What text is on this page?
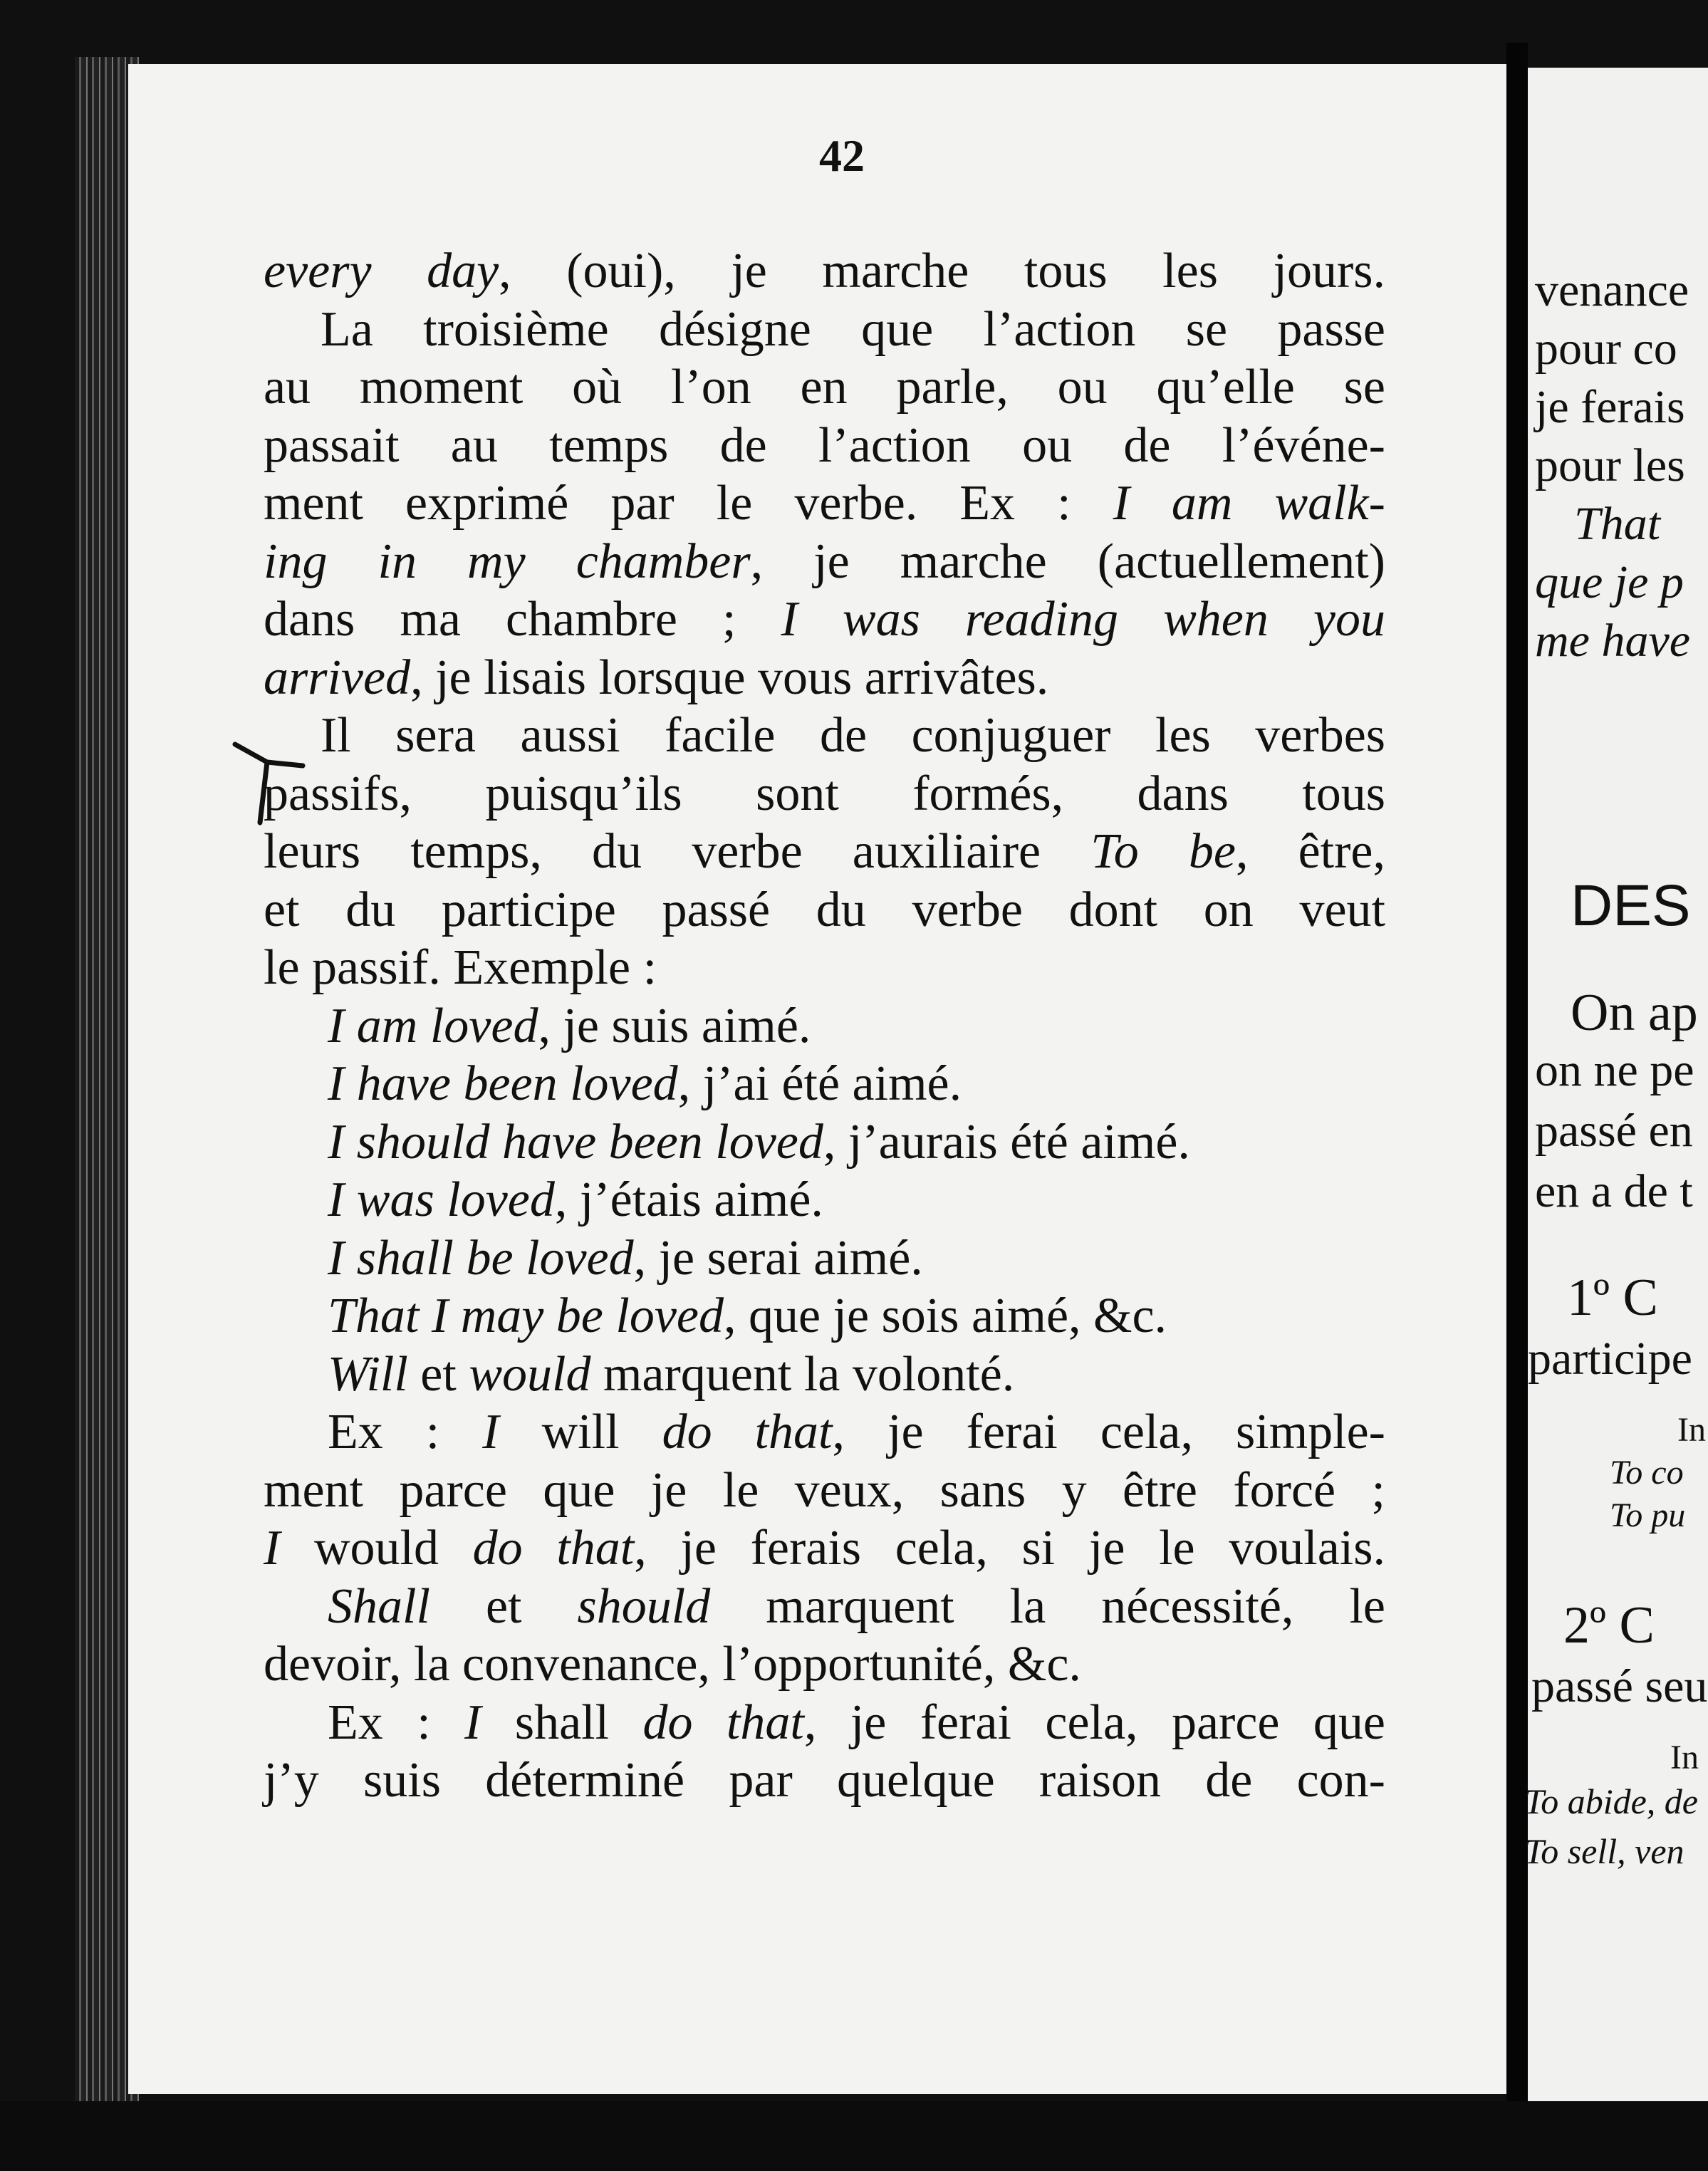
42
every day, (oui), je marche tous les jours.
La troisième désigne que l’action se passe
au moment où l’on en parle, ou qu’elle se
passait au temps de l’action ou de l’événe-
ment exprimé par le verbe. Ex : I am walk-
ing in my chamber, je marche (actuellement)
dans ma chambre ; I was reading when you
arrived, je lisais lorsque vous arrivâtes.
Il sera aussi facile de conjuguer les verbes
passifs, puisqu’ils sont formés, dans tous
leurs temps, du verbe auxiliaire To be, être,
et du participe passé du verbe dont on veut
le passif. Exemple :
I am loved, je suis aimé.
I have been loved, j’ai été aimé.
I should have been loved, j’aurais été aimé.
I was loved, j’étais aimé.
I shall be loved, je serai aimé.
That I may be loved, que je sois aimé, &c.
Will et would marquent la volonté.
Ex : I will do that, je ferai cela, simple-
ment parce que je le veux, sans y être forcé ;
I would do that, je ferais cela, si je le voulais.
Shall et should marquent la nécessité, le
devoir, la convenance, l’opportunité, &c.
Ex : I shall do that, je ferai cela, parce que
j’y suis déterminé par quelque raison de con-
venance
pour co
je ferais
pour les
That
que je p
me have
DES
On ap
on ne pe
passé en
en a de t
1º C
participe
In
To co
To pu
2º C
passé seu
In
To abide, de
To sell, ven
